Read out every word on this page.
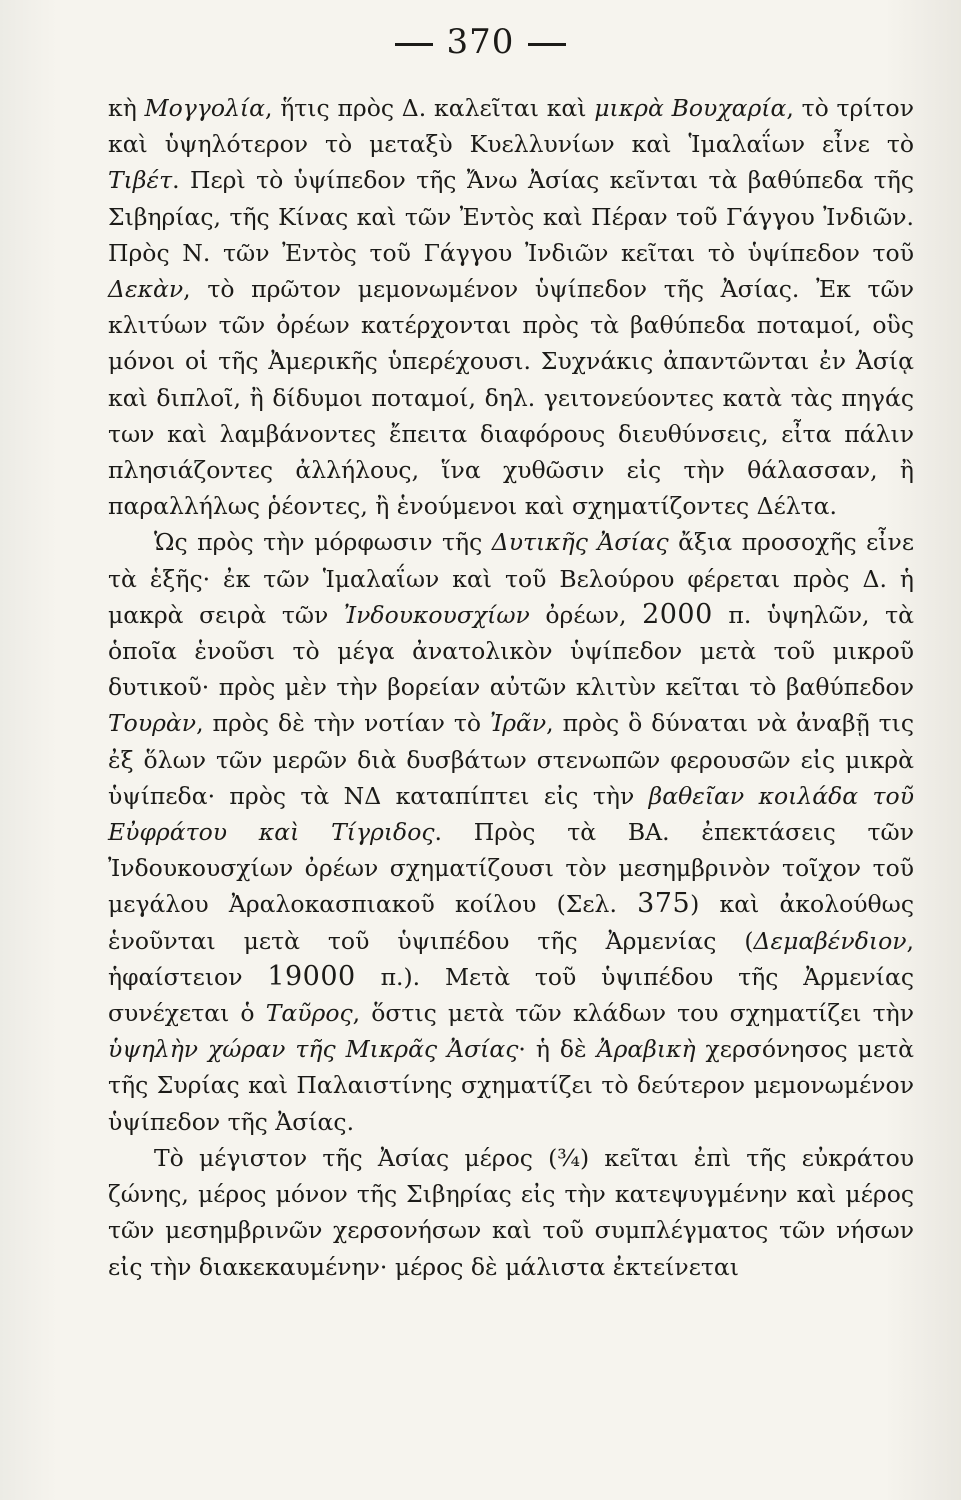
370

κὴ Μογγολία, ἥτις πρὸς Δ. καλεῖται καὶ μικρὰ Βουχαρία, τὸ τρίτον καὶ ὑψηλότερον τὸ μεταξὺ Κυελλυνίων καὶ Ἱμαλαΐων εἶνε τὸ Τιβέτ. Περὶ τὸ ὑψίπεδον τῆς Ἄνω Ἀσίας κεῖνται τὰ βαθύπεδα τῆς Σιβηρίας, τῆς Κίνας καὶ τῶν Ἐντὸς καὶ Πέραν τοῦ Γάγγου Ἰνδιῶν. Πρὸς Ν. τῶν Ἐντὸς τοῦ Γάγγου Ἰνδιῶν κεῖται τὸ ὑψίπεδον τοῦ Δεκὰν, τὸ πρῶτον μεμονωμένον ὑψίπεδον τῆς Ἀσίας. Ἐκ τῶν κλιτύων τῶν ὀρέων κατέρχονται πρὸς τὰ βαθύπεδα ποταμοί, οὓς μόνοι οἱ τῆς Ἀμερικῆς ὑπερέχουσι. Συχνάκις ἀπαντῶνται ἐν Ἀσίᾳ καὶ διπλοῖ, ἢ δίδυμοι ποταμοί, δηλ. γειτονεύοντες κατὰ τὰς πηγάς των καὶ λαμβάνοντες ἔπειτα διαφόρους διευθύνσεις, εἶτα πάλιν πλησιάζοντες ἀλλήλους, ἵνα χυθῶσιν εἰς τὴν θάλασσαν, ἢ παραλλήλως ῥέοντες, ἢ ἑνούμενοι καὶ σχηματίζοντες Δέλτα.

Ὡς πρὸς τὴν μόρφωσιν τῆς Δυτικῆς Ἀσίας ἄξια προσοχῆς εἶνε τὰ ἑξῆς· ἐκ τῶν Ἱμαλαΐων καὶ τοῦ Βελούρου φέρεται πρὸς Δ. ἡ μακρὰ σειρὰ τῶν Ἰνδουκουσχίων ὀρέων, 2000 π. ὑψηλῶν, τὰ ὁποῖα ἑνοῦσι τὸ μέγα ἀνατολικὸν ὑψίπεδον μετὰ τοῦ μικροῦ δυτικοῦ· πρὸς μὲν τὴν βορείαν αὐτῶν κλιτὺν κεῖται τὸ βαθύπεδον Τουρὰν, πρὸς δὲ τὴν νοτίαν τὸ Ἰρᾶν, πρὸς ὃ δύναται νὰ ἀναβῇ τις ἐξ ὅλων τῶν μερῶν διὰ δυσβάτων στενωπῶν φερουσῶν εἰς μικρὰ ὑψίπεδα· πρὸς τὰ ΝΔ καταπίπτει εἰς τὴν βαθεῖαν κοιλάδα τοῦ Εὐφράτου καὶ Τίγριδος. Πρὸς τὰ ΒΑ. ἐπεκτάσεις τῶν Ἰνδουκουσχίων ὀρέων σχηματίζουσι τὸν μεσημβρινὸν τοῖχον τοῦ μεγάλου Ἀραλοκασπιακοῦ κοίλου (Σελ. 375) καὶ ἀκολούθως ἑνοῦνται μετὰ τοῦ ὑψιπέδου τῆς Ἀρμενίας (Δεμαβένδιον, ἡφαίστειον 19000 π.). Μετὰ τοῦ ὑψιπέδου τῆς Ἀρμενίας συνέχεται ὁ Ταῦρος, ὅστις μετὰ τῶν κλάδων του σχηματίζει τὴν ὑψηλὴν χώραν τῆς Μικρᾶς Ἀσίας· ἡ δὲ Ἀραβικὴ χερσόνησος μετὰ τῆς Συρίας καὶ Παλαιστίνης σχηματίζει τὸ δεύτερον μεμονωμένον ὑψίπεδον τῆς Ἀσίας.

Τὸ μέγιστον τῆς Ἀσίας μέρος (¾) κεῖται ἐπὶ τῆς εὐκράτου ζώνης, μέρος μόνον τῆς Σιβηρίας εἰς τὴν κατεψυγμένην καὶ μέρος τῶν μεσημβρινῶν χερσονήσων καὶ τοῦ συμπλέγματος τῶν νήσων εἰς τὴν διακεκαυμένην· μέρος δὲ μάλιστα ἐκτείνεται
